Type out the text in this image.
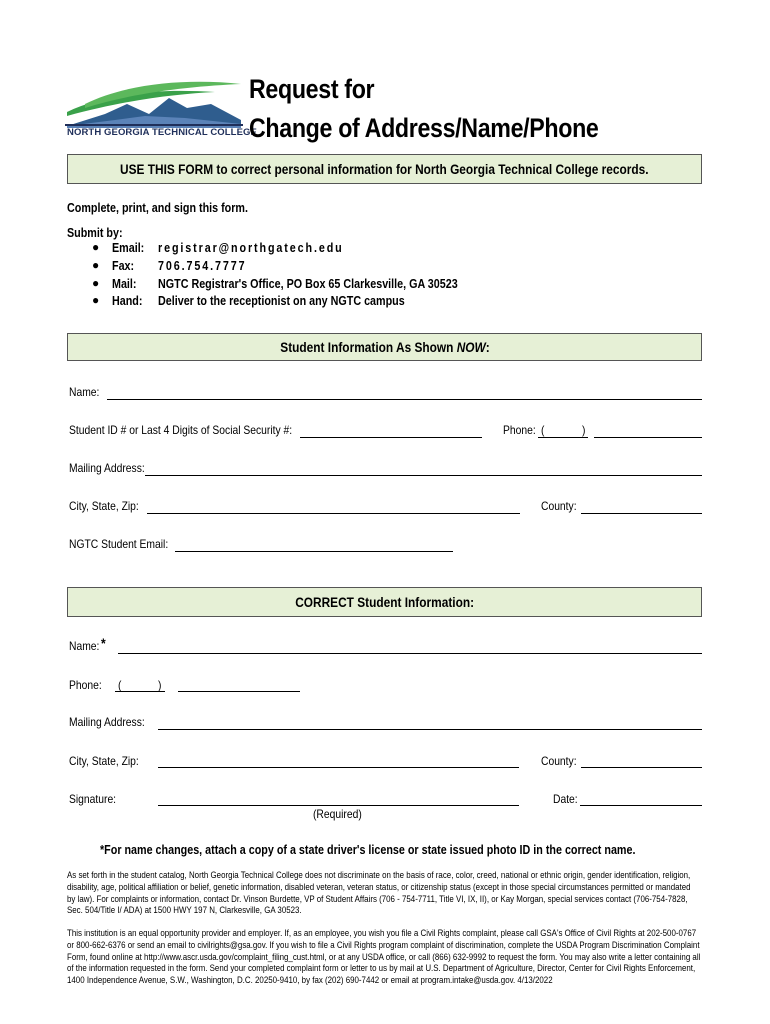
NORTH GEORGIA TECHNICAL COLLEGE
Request for
Change of Address/Name/Phone
USE THIS FORM to correct personal information for North Georgia Technical College records.
Complete, print, and sign this form.
Submit by:
● Email: registrar@northgatech.edu
● Fax: 706.754.7777
● Mail: NGTC Registrar's Office, PO Box 65 Clarkesville, GA 30523
● Hand: Deliver to the receptionist on any NGTC campus
Student Information As Shown NOW:
Name:
Student ID # or Last 4 Digits of Social Security #:	Phone: (	)
Mailing Address:
City, State, Zip:	County:
NGTC Student Email:
CORRECT Student Information:
Name: *
Phone: (	)
Mailing Address:
City, State, Zip:	County:
Signature:
(Required)
Date:
*For name changes, attach a copy of a state driver's license or state issued photo ID in the correct name.
As set forth in the student catalog, North Georgia Technical College does not discriminate on the basis of race, color, creed, national or ethnic origin, gender identification, religion, disability, age, political affiliation or belief, genetic information, disabled veteran, veteran status, or citizenship status (except in those special circumstances permitted or mandated by law). For complaints or information, contact Dr. Vinson Burdette, VP of Student Affairs (706 - 754-7711, Title VI, IX, II), or Kay Morgan, special services contact (706-754-7828, Sec. 504/Title I/ ADA) at 1500 HWY 197 N, Clarkesville, GA 30523.
This institution is an equal opportunity provider and employer. If, as an employee, you wish you file a Civil Rights complaint, please call GSA's Office of Civil Rights at 202-500-0767 or 800-662-6376 or send an email to civilrights@gsa.gov. If you wish to file a Civil Rights program complaint of discrimination, complete the USDA Program Discrimination Complaint Form, found online at http://www.ascr.usda.gov/complaint_filing_cust.html, or at any USDA office, or call (866) 632-9992 to request the form. You may also write a letter containing all of the information requested in the form. Send your completed complaint form or letter to us by mail at U.S. Department of Agriculture, Director, Center for Civil Rights Enforcement, 1400 Independence Avenue, S.W., Washington, D.C. 20250-9410, by fax (202) 690-7442 or email at program.intake@usda.gov. 4/13/2022
